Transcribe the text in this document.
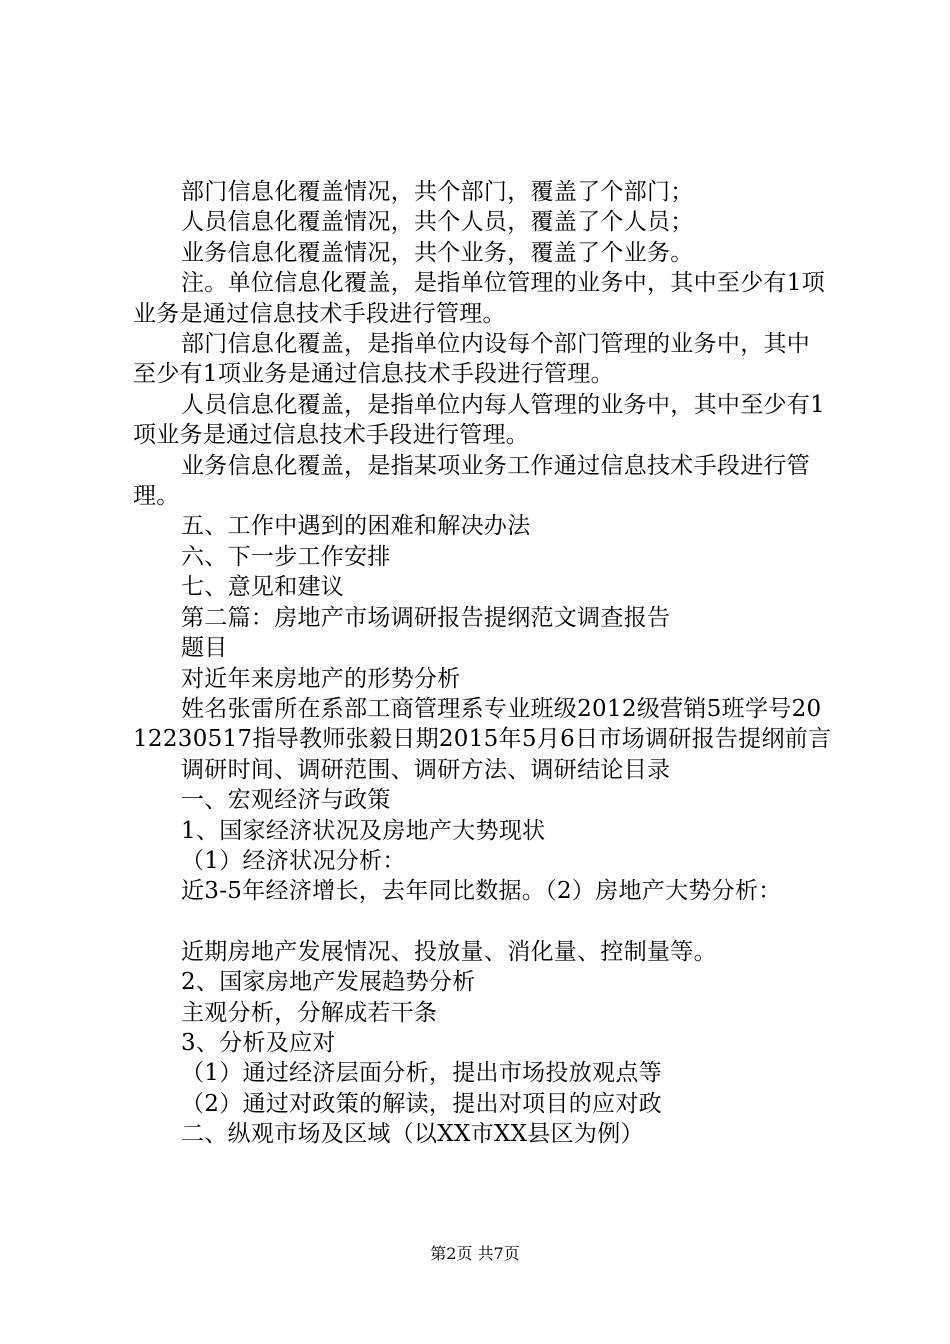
部门信息化覆盖情况，共个部门，覆盖了个部门；

人员信息化覆盖情况，共个人员，覆盖了个人员；

业务信息化覆盖情况，共个业务，覆盖了个业务。

注。单位信息化覆盖，是指单位管理的业务中，其中至少有1项业务是通过信息技术手段进行管理。

部门信息化覆盖，是指单位内设每个部门管理的业务中，其中至少有1项业务是通过信息技术手段进行管理。

人员信息化覆盖，是指单位内每人管理的业务中，其中至少有1项业务是通过信息技术手段进行管理。

业务信息化覆盖，是指某项业务工作通过信息技术手段进行管理。

五、工作中遇到的困难和解决办法

六、下一步工作安排

七、意见和建议

第二篇：房地产市场调研报告提纲范文调查报告

题目

对近年来房地产的形势分析

姓名张雷所在系部工商管理系专业班级2012级营销5班学号2012230517指导教师张毅日期2015年5月6日市场调研报告提纲前言

调研时间、调研范围、调研方法、调研结论目录

一、宏观经济与政策

1、国家经济状况及房地产大势现状

（1）经济状况分析：

近3-5年经济增长，去年同比数据。（2）房地产大势分析：

近期房地产发展情况、投放量、消化量、控制量等。

2、国家房地产发展趋势分析

主观分析，分解成若干条

3、分析及应对

（1）通过经济层面分析，提出市场投放观点等

（2）通过对政策的解读，提出对项目的应对政

二、纵观市场及区域（以XX市XX县区为例）

第2页 共7页
